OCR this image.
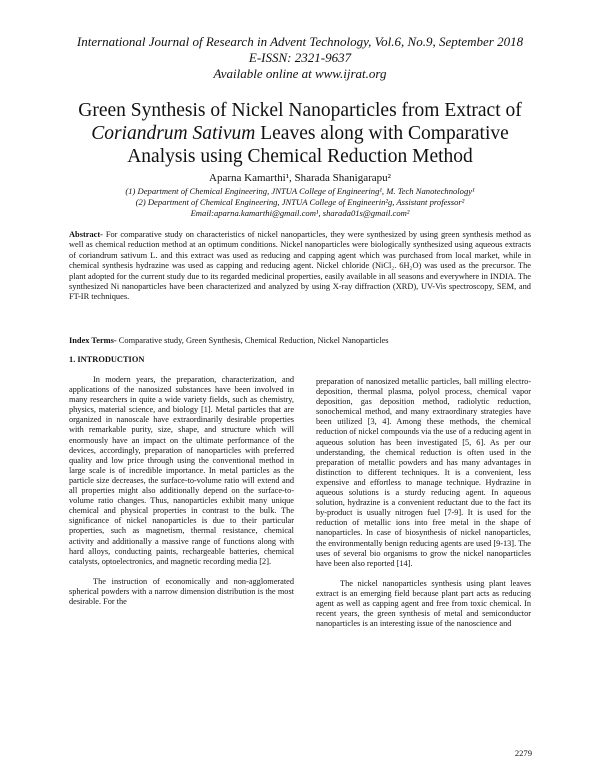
International Journal of Research in Advent Technology, Vol.6, No.9, September 2018
E-ISSN: 2321-9637
Available online at www.ijrat.org
Green Synthesis of Nickel Nanoparticles from Extract of
Coriandrum Sativum Leaves along with Comparative
Analysis using Chemical Reduction Method
Aparna Kamarthi¹, Sharada Shanigarapu²
(1) Department of Chemical Engineering, JNTUA College of Engineering¹, M. Tech Nanotechnology¹
(2) Department of Chemical Engineering, JNTUA College of Engineerin²g, Assistant professor²
Email:aparna.kamarthi@gmail.com¹, sharada01s@gmail.com²
Abstract- For comparative study on characteristics of nickel nanoparticles, they were synthesized by using green synthesis method as well as chemical reduction method at an optimum conditions. Nickel nanoparticles were biologically synthesized using aqueous extracts of coriandrum sativum L. and this extract was used as reducing and capping agent which was purchased from local market, while in chemical synthesis hydrazine was used as capping and reducing agent. Nickel chloride (NiCl₂. 6H₂O) was used as the precursor. The plant adopted for the current study due to its regarded medicinal properties, easily available in all seasons and everywhere in INDIA. The synthesized Ni nanoparticles have been characterized and analyzed by using X-ray diffraction (XRD), UV-Vis spectroscopy, SEM, and FT-IR techniques.
Index Terms- Comparative study, Green Synthesis, Chemical Reduction, Nickel Nanoparticles
1. INTRODUCTION

In modern years, the preparation, characterization, and applications of the nanosized substances have been involved in many researchers in quite a wide variety fields, such as chemistry, physics, material science, and biology [1]. Metal particles that are organized in nanoscale have extraordinarily desirable properties with remarkable purity, size, shape, and structure which will enormously have an impact on the ultimate performance of the devices, accordingly, preparation of nanoparticles with preferred quality and low price through using the conventional method in large scale is of incredible importance. In metal particles as the particle size decreases, the surface-to-volume ratio will extend and all properties might also additionally depend on the surface-to-volume ratio changes. Thus, nanoparticles exhibit many unique chemical and physical properties in contrast to the bulk. The significance of nickel nanoparticles is due to their particular properties, such as magnetism, thermal resistance, chemical activity and additionally a massive range of functions along with hard alloys, conducting paints, rechargeable batteries, chemical catalysts, optoelectronics, and magnetic recording media [2].

The instruction of economically and non-agglomerated spherical powders with a narrow dimension distribution is the most desirable. For the

preparation of nanosized metallic particles, ball milling electro-deposition, thermal plasma, polyol process, chemical vapor deposition, gas deposition method, radiolytic reduction, sonochemical method, and many extraordinary strategies have been utilized [3, 4]. Among these methods, the chemical reduction of nickel compounds via the use of a reducing agent in aqueous solution has been investigated [5, 6]. As per our understanding, the chemical reduction is often used in the preparation of metallic powders and has many advantages in distinction to different techniques. It is a convenient, less expensive and effortless to manage technique. Hydrazine in aqueous solutions is a sturdy reducing agent. In aqueous solution, hydrazine is a convenient reductant due to the fact its by-product is usually nitrogen fuel [7-9]. It is used for the reduction of metallic ions into free metal in the shape of nanoparticles. In case of biosynthesis of nickel nanoparticles, the environmentally benign reducing agents are used [9-13]. The uses of several bio organisms to grow the nickel nanoparticles have been also reported [14].

The nickel nanoparticles synthesis using plant leaves extract is an emerging field because plant part acts as reducing agent as well as capping agent and free from toxic chemical. In recent years, the green synthesis of metal and semiconductor nanoparticles is an interesting issue of the nanoscience and

2279
